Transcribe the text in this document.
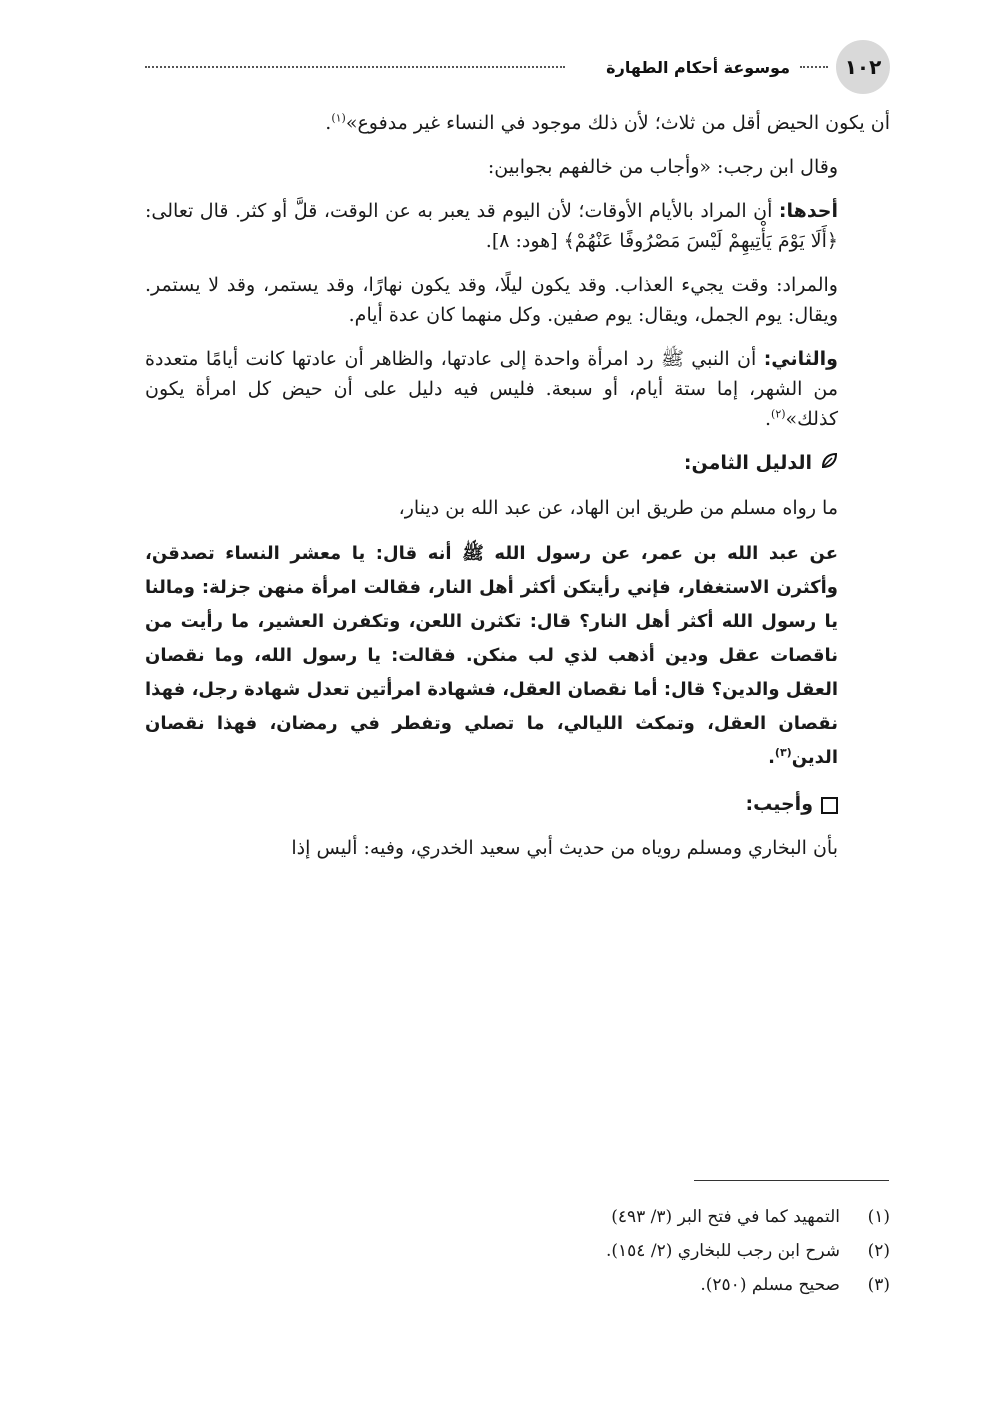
١٠٢
موسوعة أحكام الطهارة

أن يكون الحيض أقل من ثلاث؛ لأن ذلك موجود في النساء غير مدفوع»$^{(١)}$.

وقال ابن رجب: «وأجاب من خالفهم بجوابين:

أحدها: أن المراد بالأيام الأوقات؛ لأن اليوم قد يعبر به عن الوقت، قلَّ أو كثر. قال تعالى: ﴿أَلَا يَوْمَ يَأْتِيهِمْ لَيْسَ مَصْرُوفًا عَنْهُمْ﴾ [هود: ٨].

والمراد: وقت يجيء العذاب. وقد يكون ليلًا، وقد يكون نهارًا، وقد يستمر، وقد لا يستمر. ويقال: يوم الجمل، ويقال: يوم صفين. وكل منهما كان عدة أيام.

والثاني: أن النبي ﷺ رد امرأة واحدة إلى عادتها، والظاهر أن عادتها كانت أيامًا متعددة من الشهر، إما ستة أيام، أو سبعة. فليس فيه دليل على أن حيض كل امرأة يكون كذلك»$^{(٢)}$.

الدليل الثامن:

ما رواه مسلم من طريق ابن الهاد، عن عبد الله بن دينار،

عن عبد الله بن عمر، عن رسول الله ﷺ أنه قال: يا معشر النساء تصدقن، وأكثرن الاستغفار، فإني رأيتكن أكثر أهل النار، فقالت امرأة منهن جزلة: ومالنا يا رسول الله أكثر أهل النار؟ قال: تكثرن اللعن، وتكفرن العشير، ما رأيت من ناقصات عقل ودين أذهب لذي لب منكن. فقالت: يا رسول الله، وما نقصان العقل والدين؟ قال: أما نقصان العقل، فشهادة امرأتين تعدل شهادة رجل، فهذا نقصان العقل، وتمكث الليالي، ما تصلي وتفطر في رمضان، فهذا نقصان الدين$^{(٣)}$.

وأجيب:

بأن البخاري ومسلم روياه من حديث أبي سعيد الخدري، وفيه: أليس إذا

(١)التمهيد كما في فتح البر (٣/ ٤٩٣)
(٢)شرح ابن رجب للبخاري (٢/ ١٥٤).
(٣)صحيح مسلم (٢٥٠).
